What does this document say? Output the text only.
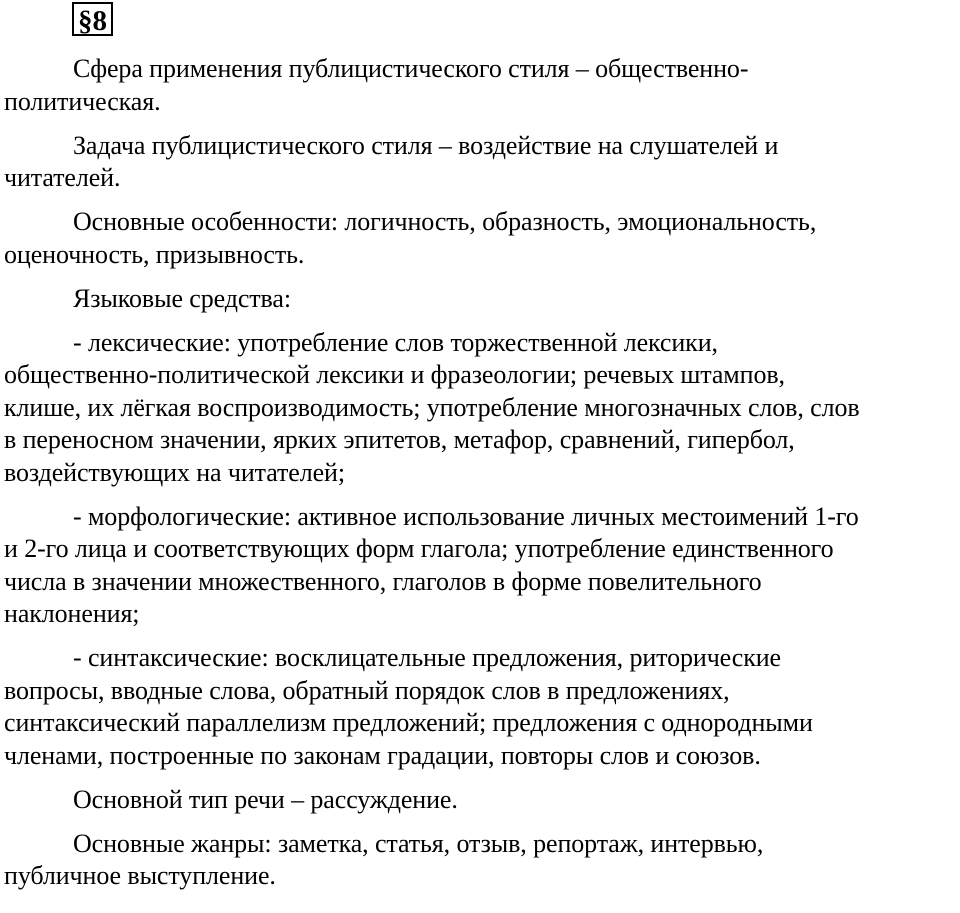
§8

Сфера применения публицистического стиля – общественно-
политическая.

Задача публицистического стиля – воздействие на слушателей и
читателей.

Основные особенности: логичность, образность, эмоциональность,
оценочность, призывность.

Языковые средства:

- лексические: употребление слов торжественной лексики,
общественно-политической лексики и фразеологии; речевых штампов,
клише, их лёгкая воспроизводимость; употребление многозначных слов, слов
в переносном значении, ярких эпитетов, метафор, сравнений, гипербол,
воздействующих на читателей;

- морфологические: активное использование личных местоимений 1-го
и 2-го лица и соответствующих форм глагола; употребление единственного
числа в значении множественного, глаголов в форме повелительного
наклонения;

- синтаксические: восклицательные предложения, риторические
вопросы, вводные слова, обратный порядок слов в предложениях,
синтаксический параллелизм предложений; предложения с однородными
членами, построенные по законам градации, повторы слов и союзов.

Основной тип речи – рассуждение.

Основные жанры: заметка, статья, отзыв, репортаж, интервью,
публичное выступление.
